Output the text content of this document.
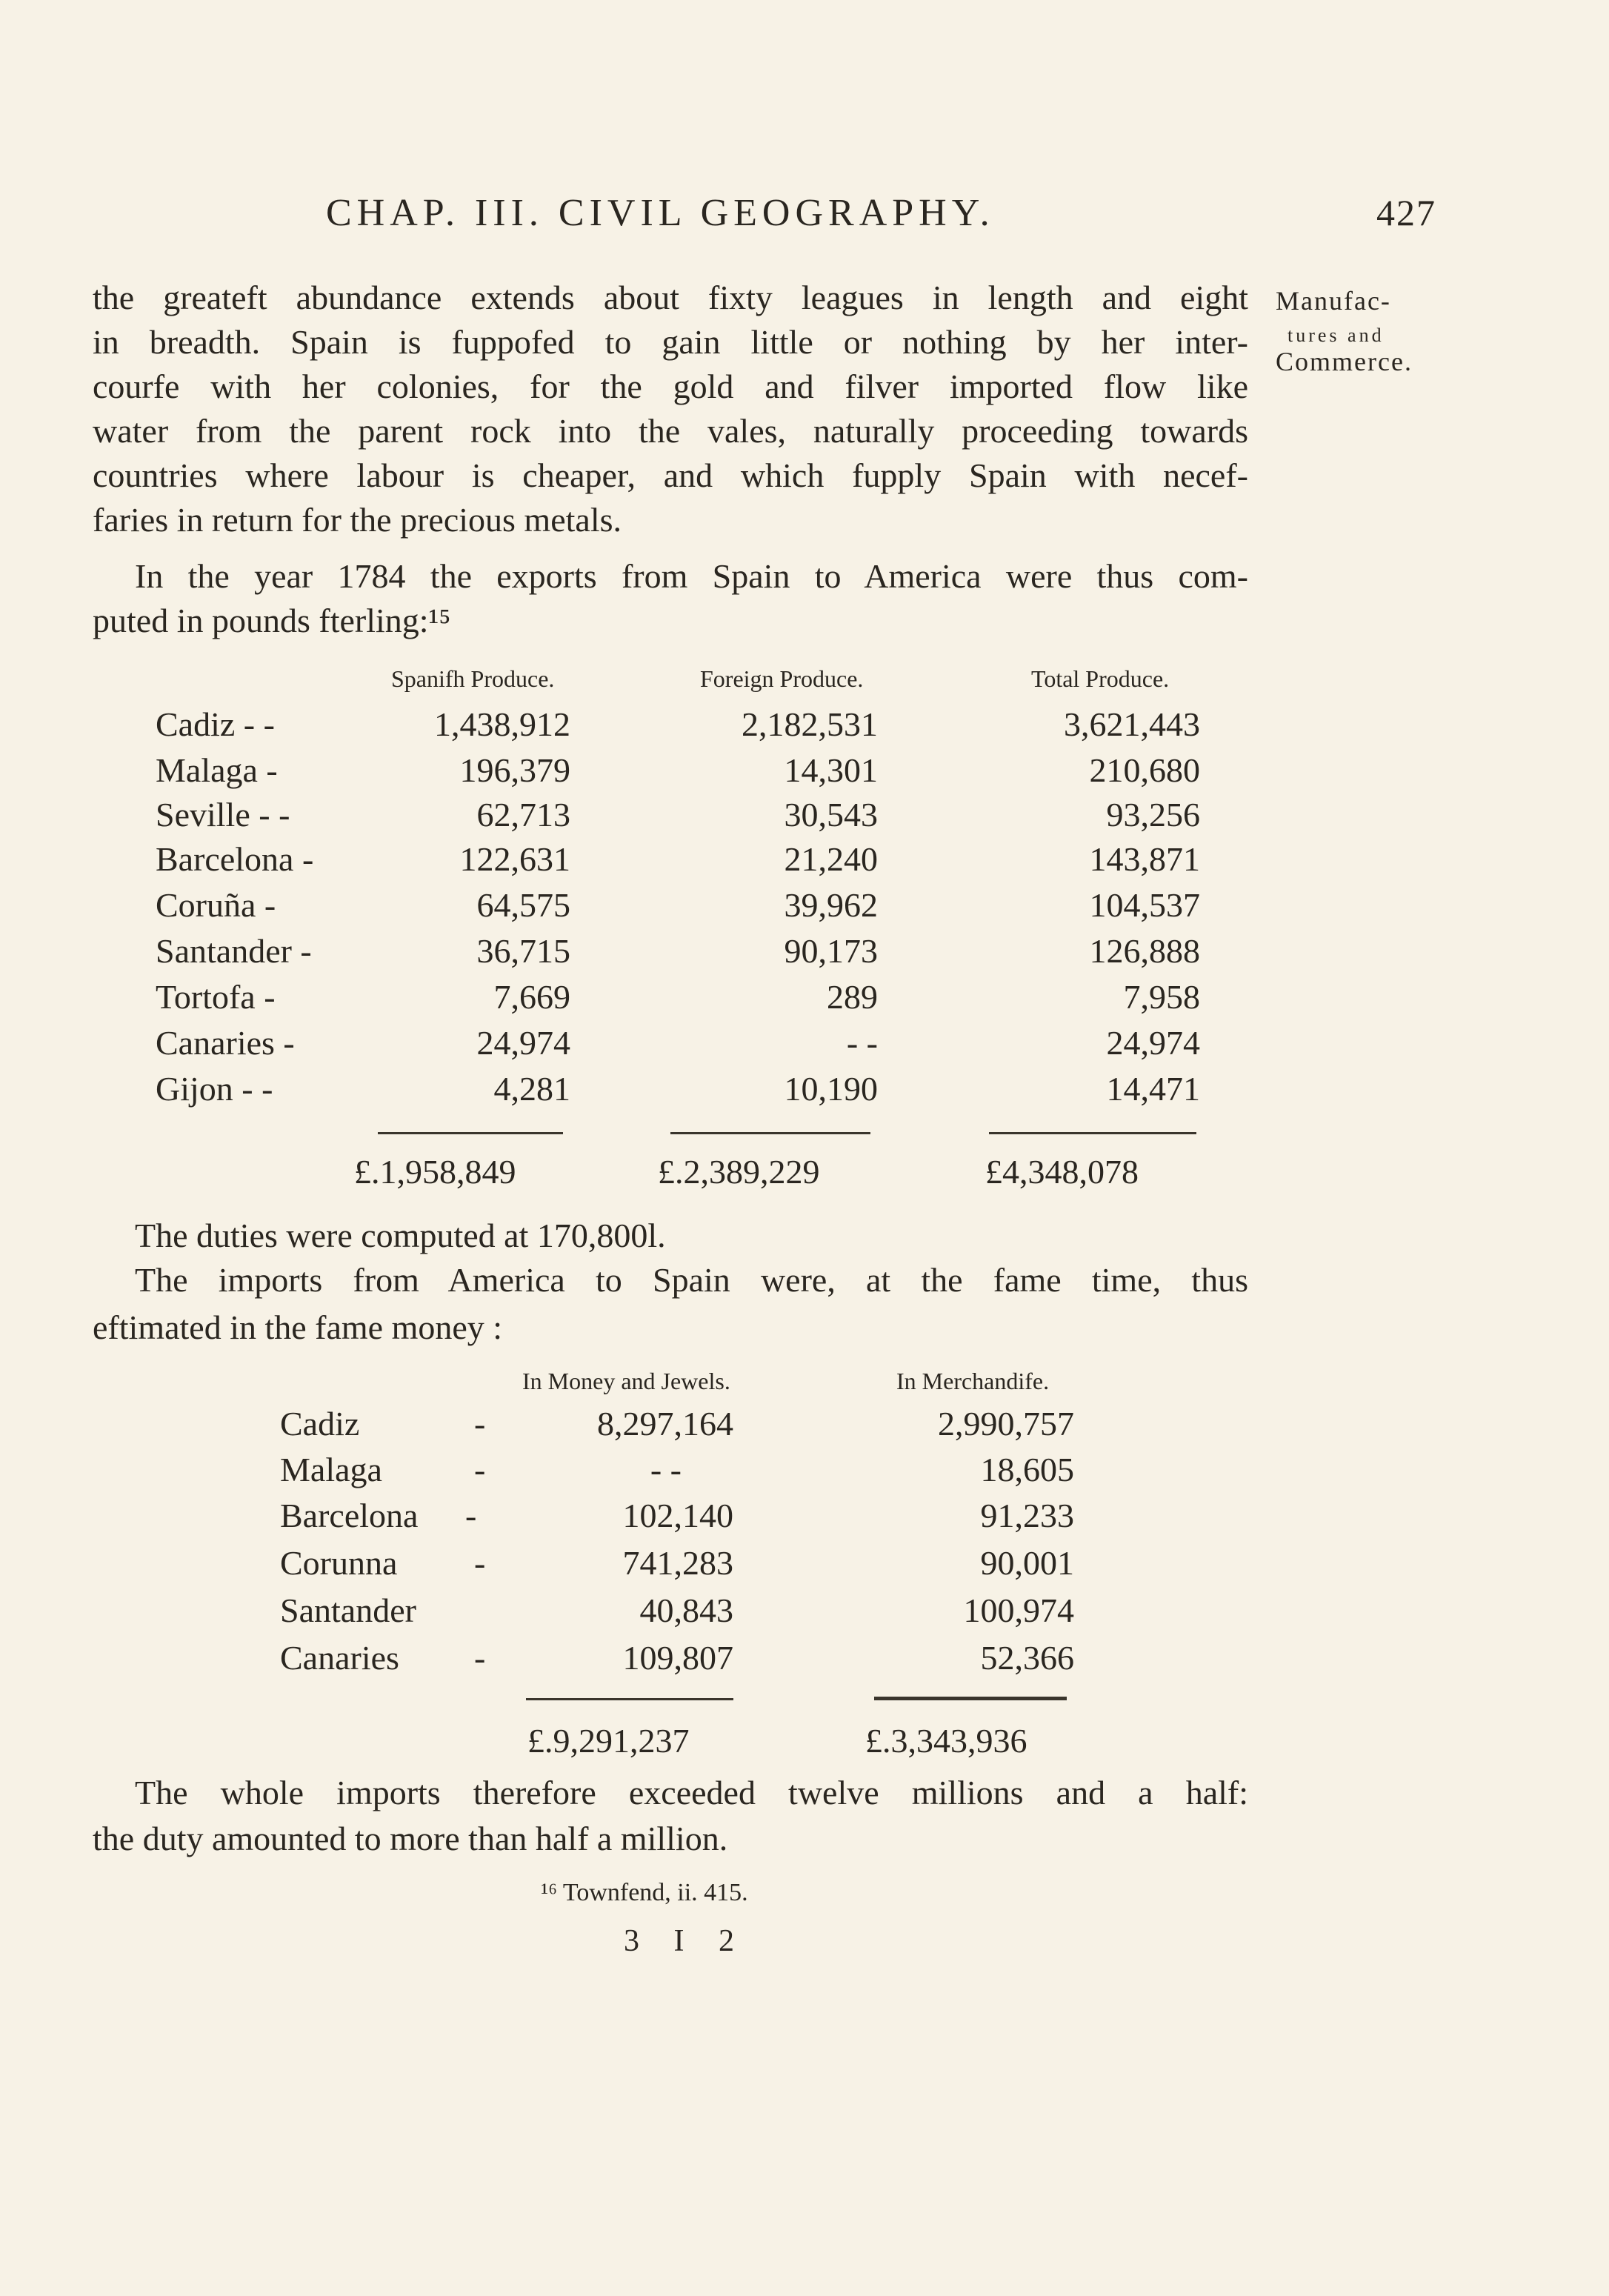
CHAP. III. CIVIL GEOGRAPHY.	427
Manufac-
tures and
Commerce.
the greateft abundance extends about fixty leagues in length and eight
in breadth. Spain is fuppofed to gain little or nothing by her inter-
courfe with her colonies, for the gold and filver imported flow like
water from the parent rock into the vales, naturally proceeding towards
countries where labour is cheaper, and which fupply Spain with necef-
faries in return for the precious metals.
In the year 1784 the exports from Spain to America were thus com-
puted in pounds fterling:¹⁵
Spanifh Produce.	Foreign Produce.	Total Produce.
Cadiz - -	1,438,912	2,182,531	3,621,443
Malaga -	196,379	14,301	210,680
Seville - -	62,713	30,543	93,256
Barcelona -	122,631	21,240	143,871
Coruña -	64,575	39,962	104,537
Santander -	36,715	90,173	126,888
Tortofa -	7,669	289	7,958
Canaries -	24,974	- -	24,974
Gijon - -	4,281	10,190	14,471
£.1,958,849	£.2,389,229	£4,348,078
The duties were computed at 170,800l.
The imports from America to Spain were, at the fame time, thus
eftimated in the fame money :
In Money and Jewels.	In Merchandife.
Cadiz	-	8,297,164	2,990,757
Malaga	-	- -	18,605
Barcelona -	102,140	91,233
Corunna -	741,283	90,001
Santander	40,843	100,974
Canaries -	109,807	52,366
£.9,291,237	£.3,343,936
The whole imports therefore exceeded twelve millions and a half:
the duty amounted to more than half a million.
¹⁶ Townfend, ii. 415.
3 I 2
